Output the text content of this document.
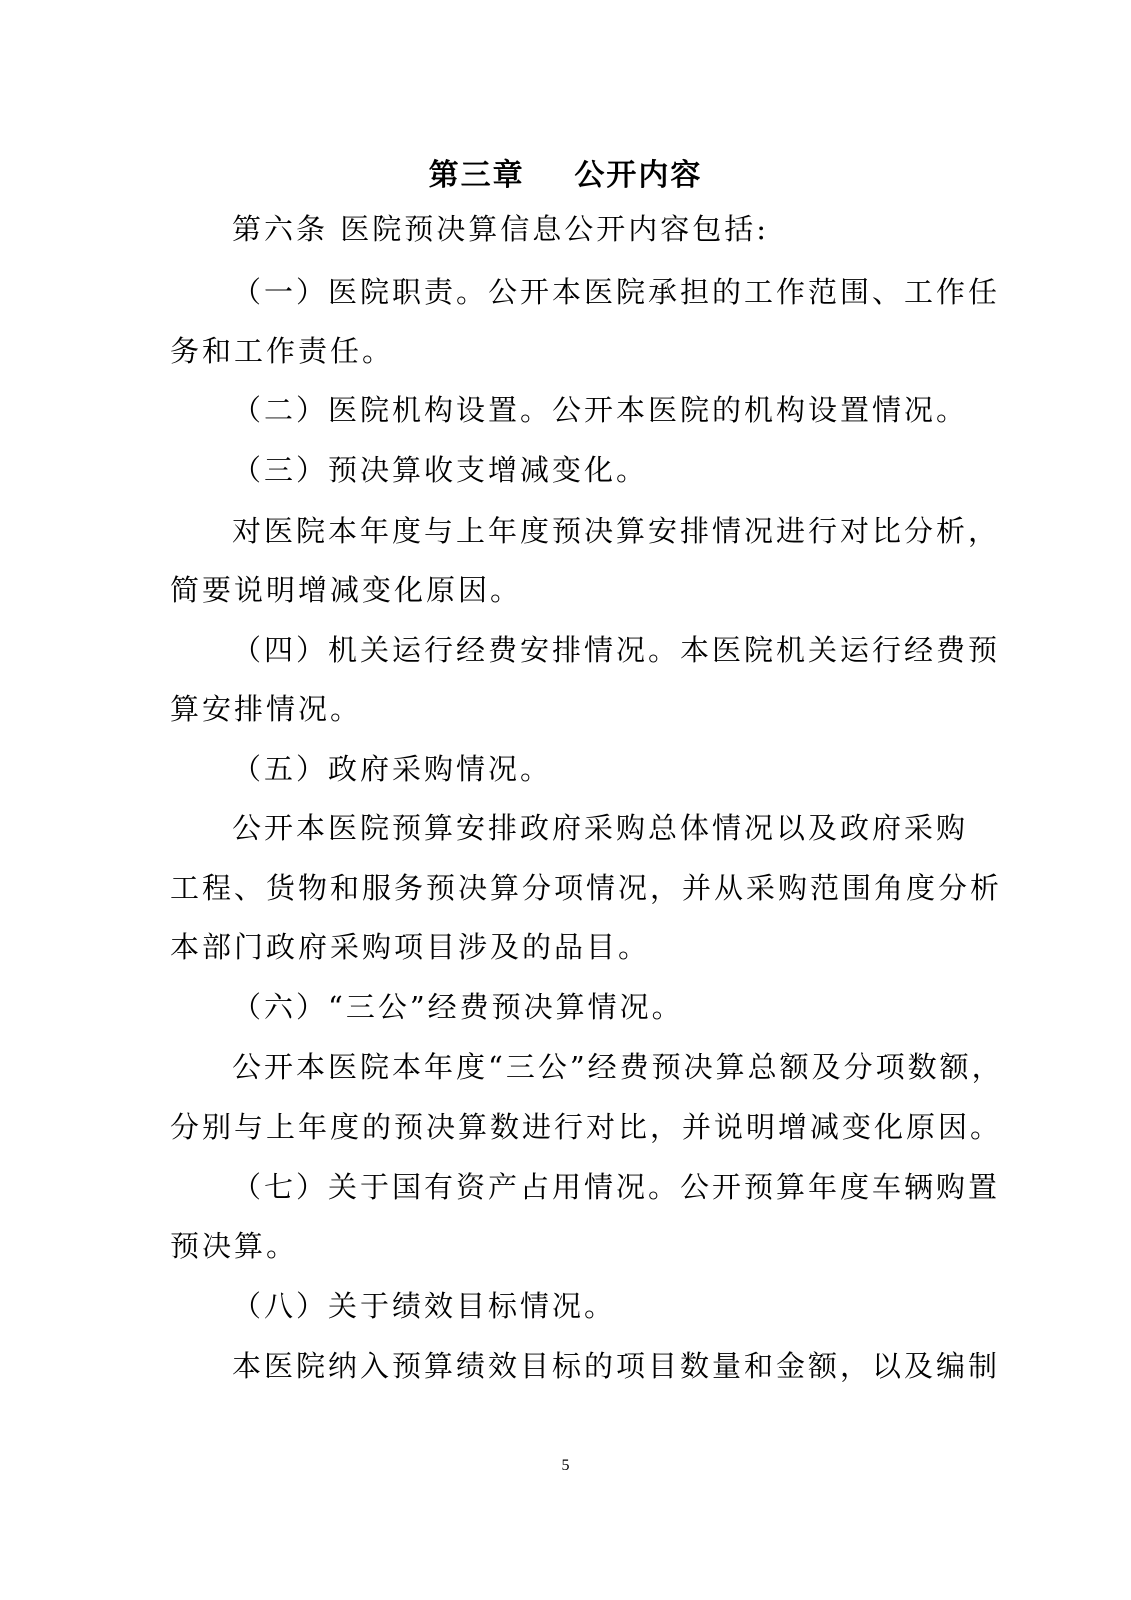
第三章    公开内容
第六条 医院预决算信息公开内容包括:
（一）医院职责。公开本医院承担的工作范围、工作任
务和工作责任。
（二）医院机构设置。公开本医院的机构设置情况。
（三）预决算收支增减变化。
对医院本年度与上年度预决算安排情况进行对比分析，
简要说明增减变化原因。
（四）机关运行经费安排情况。本医院机关运行经费预
算安排情况。
（五）政府采购情况。
公开本医院预算安排政府采购总体情况以及政府采购
工程、货物和服务预决算分项情况，并从采购范围角度分析
本部门政府采购项目涉及的品目。
（六）“三公”经费预决算情况。
公开本医院本年度“三公”经费预决算总额及分项数额，
分别与上年度的预决算数进行对比，并说明增减变化原因。
（七）关于国有资产占用情况。公开预算年度车辆购置
预决算。
（八）关于绩效目标情况。
本医院纳入预算绩效目标的项目数量和金额，以及编制
5
